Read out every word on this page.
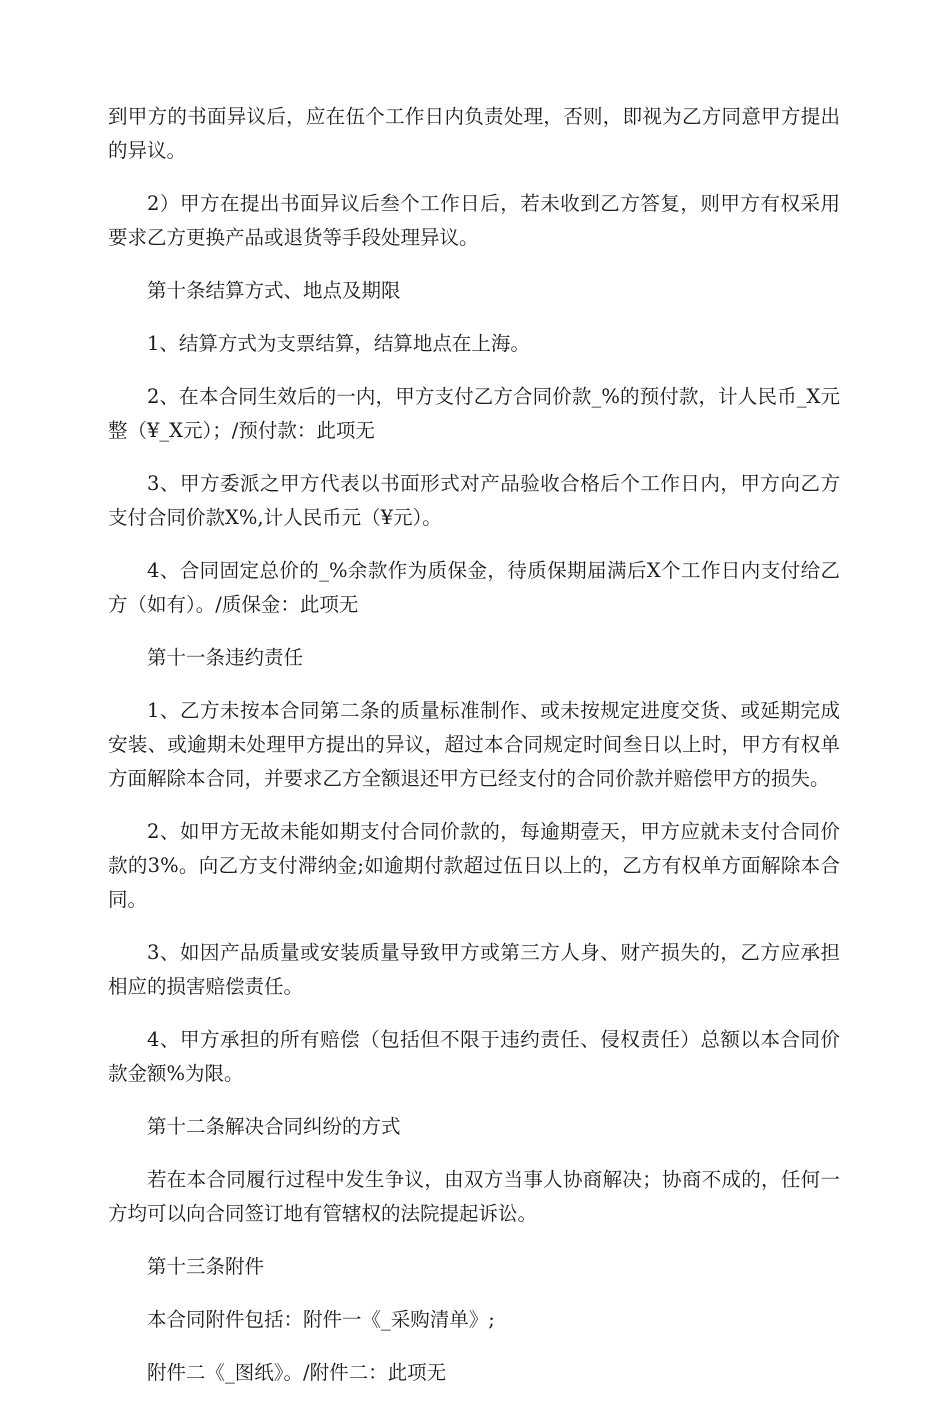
到甲方的书面异议后，应在伍个工作日内负责处理，否则，即视为乙方同意甲方提出的异议。

2）甲方在提出书面异议后叁个工作日后，若未收到乙方答复，则甲方有权采用要求乙方更换产品或退货等手段处理异议。

第十条结算方式、地点及期限

1、结算方式为支票结算，结算地点在上海。

2、在本合同生效后的一内，甲方支付乙方合同价款_%的预付款，计人民币_X元整（¥_X元）；/预付款：此项无

3、甲方委派之甲方代表以书面形式对产品验收合格后个工作日内，甲方向乙方支付合同价款X%,计人民币元（¥元）。

4、合同固定总价的_%余款作为质保金，待质保期届满后X个工作日内支付给乙方（如有）。/质保金：此项无

第十一条违约责任

1、乙方未按本合同第二条的质量标准制作、或未按规定进度交货、或延期完成安装、或逾期未处理甲方提出的异议，超过本合同规定时间叁日以上时，甲方有权单方面解除本合同，并要求乙方全额退还甲方已经支付的合同价款并赔偿甲方的损失。

2、如甲方无故未能如期支付合同价款的，每逾期壹天，甲方应就未支付合同价款的3%。向乙方支付滞纳金;如逾期付款超过伍日以上的，乙方有权单方面解除本合同。

3、如因产品质量或安装质量导致甲方或第三方人身、财产损失的，乙方应承担相应的损害赔偿责任。

4、甲方承担的所有赔偿（包括但不限于违约责任、侵权责任）总额以本合同价款金额%为限。

第十二条解决合同纠纷的方式

若在本合同履行过程中发生争议，由双方当事人协商解决；协商不成的，任何一方均可以向合同签订地有管辖权的法院提起诉讼。

第十三条附件

本合同附件包括：附件一《_采购清单》;

附件二《_图纸》。/附件二：此项无
